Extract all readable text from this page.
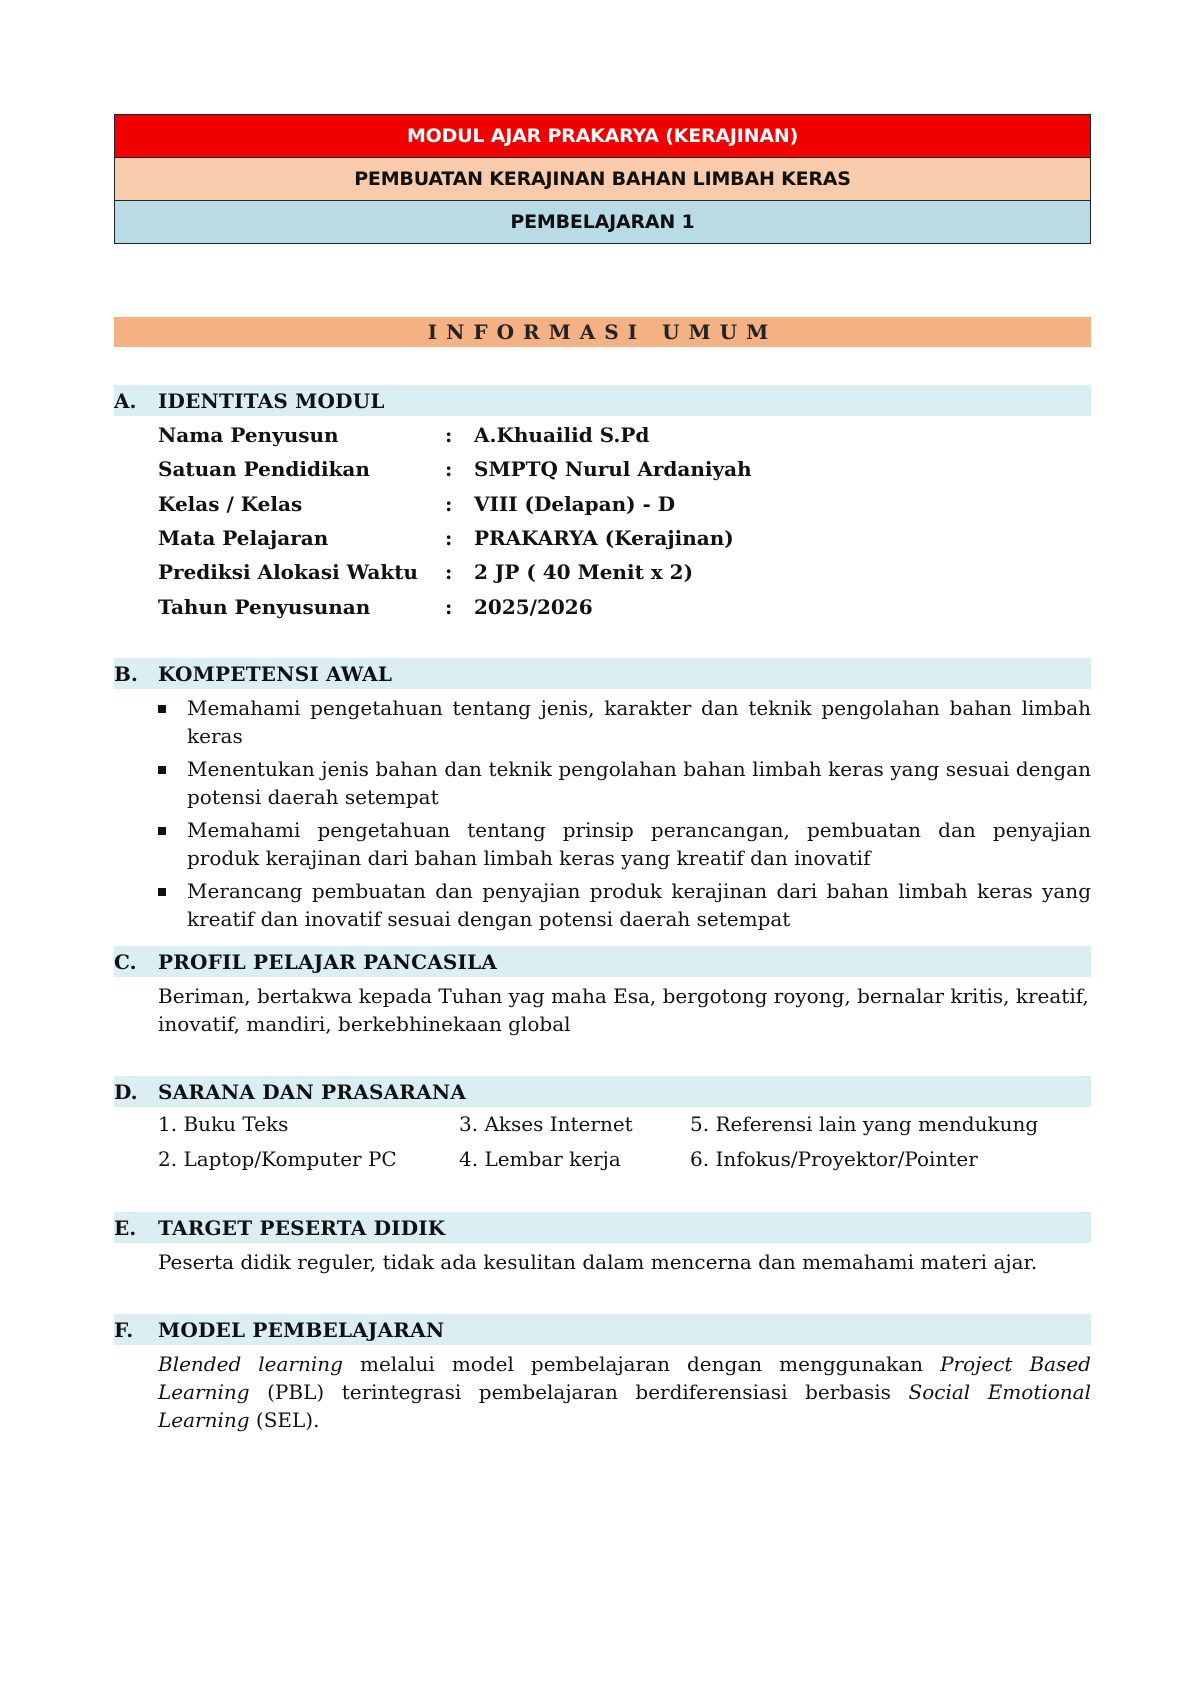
MODUL AJAR PRAKARYA (KERAJINAN)
PEMBUATAN KERAJINAN BAHAN LIMBAH KERAS
PEMBELAJARAN 1
INFORMASI UMUM
A.	IDENTITAS MODUL
Nama Penyusun	:	A.Khuailid S.Pd
Satuan Pendidikan	:	SMPTQ Nurul Ardaniyah
Kelas / Kelas	:	VIII (Delapan) - D
Mata Pelajaran	:	PRAKARYA (Kerajinan)
Prediksi Alokasi Waktu	:	2 JP ( 40 Menit x 2)
Tahun Penyusunan	:	2025/2026
B.	KOMPETENSI AWAL
Memahami pengetahuan tentang jenis, karakter dan teknik pengolahan bahan limbah keras
Menentukan jenis bahan dan teknik pengolahan bahan limbah keras yang sesuai dengan potensi daerah setempat
Memahami pengetahuan tentang prinsip perancangan, pembuatan dan penyajian produk kerajinan dari bahan limbah keras yang kreatif dan inovatif
Merancang pembuatan dan penyajian produk kerajinan dari bahan limbah keras yang kreatif dan inovatif sesuai dengan potensi daerah setempat
C.	PROFIL PELAJAR PANCASILA
Beriman, bertakwa kepada Tuhan yag maha Esa, bergotong royong, bernalar kritis, kreatif, inovatif, mandiri, berkebhinekaan global
D.	SARANA DAN PRASARANA
1. Buku Teks
2. Laptop/Komputer PC
3. Akses Internet
4. Lembar kerja
5. Referensi lain yang mendukung
6. Infokus/Proyektor/Pointer
E.	TARGET PESERTA DIDIK
Peserta didik reguler, tidak ada kesulitan dalam mencerna dan memahami materi ajar.
F.	MODEL PEMBELAJARAN
Blended learning melalui model pembelajaran dengan menggunakan Project Based Learning (PBL) terintegrasi pembelajaran berdiferensiasi berbasis Social Emotional Learning (SEL).
